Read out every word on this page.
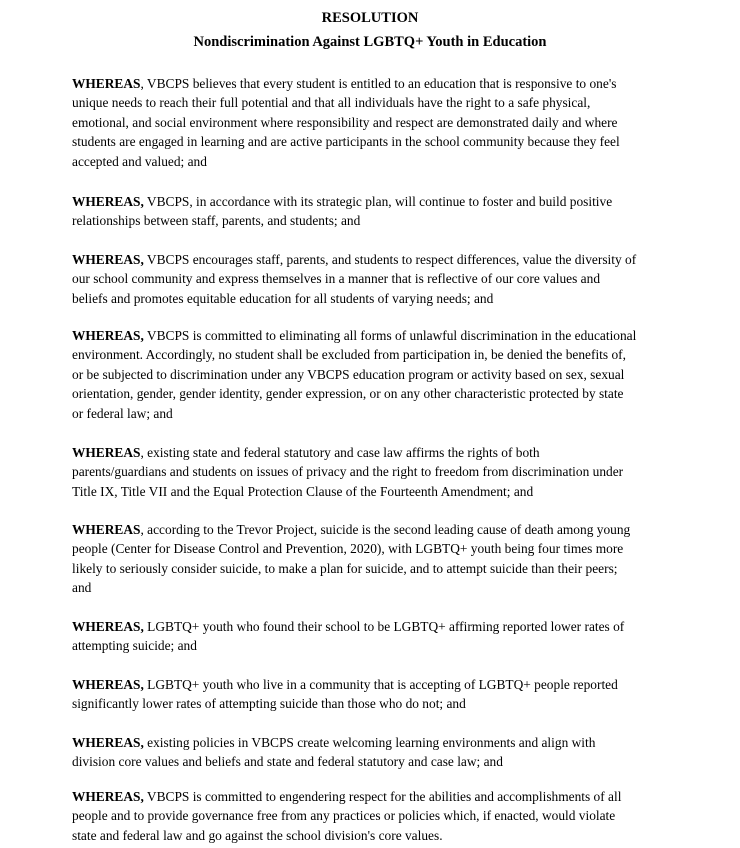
RESOLUTION
Nondiscrimination Against LGBTQ+ Youth in Education
WHEREAS, VBCPS believes that every student is entitled to an education that is responsive to one's
unique needs to reach their full potential and that all individuals have the right to a safe physical,
emotional, and social environment where responsibility and respect are demonstrated daily and where
students are engaged in learning and are active participants in the school community because they feel
accepted and valued; and
WHEREAS, VBCPS, in accordance with its strategic plan, will continue to foster and build positive
relationships between staff, parents, and students; and
WHEREAS, VBCPS encourages staff, parents, and students to respect differences, value the diversity of
our school community and express themselves in a manner that is reflective of our core values and
beliefs and promotes equitable education for all students of varying needs; and
WHEREAS, VBCPS is committed to eliminating all forms of unlawful discrimination in the educational
environment. Accordingly, no student shall be excluded from participation in, be denied the benefits of,
or be subjected to discrimination under any VBCPS education program or activity based on sex, sexual
orientation, gender, gender identity, gender expression, or on any other characteristic protected by state
or federal law; and
WHEREAS, existing state and federal statutory and case law affirms the rights of both
parents/guardians and students on issues of privacy and the right to freedom from discrimination under
Title IX, Title VII and the Equal Protection Clause of the Fourteenth Amendment; and
WHEREAS, according to the Trevor Project, suicide is the second leading cause of death among young
people (Center for Disease Control and Prevention, 2020), with LGBTQ+ youth being four times more
likely to seriously consider suicide, to make a plan for suicide, and to attempt suicide than their peers;
and
WHEREAS, LGBTQ+ youth who found their school to be LGBTQ+ affirming reported lower rates of
attempting suicide; and
WHEREAS, LGBTQ+ youth who live in a community that is accepting of LGBTQ+ people reported
significantly lower rates of attempting suicide than those who do not; and
WHEREAS, existing policies in VBCPS create welcoming learning environments and align with
division core values and beliefs and state and federal statutory and case law; and
WHEREAS, VBCPS is committed to engendering respect for the abilities and accomplishments of all
people and to provide governance free from any practices or policies which, if enacted, would violate
state and federal law and go against the school division's core values.
